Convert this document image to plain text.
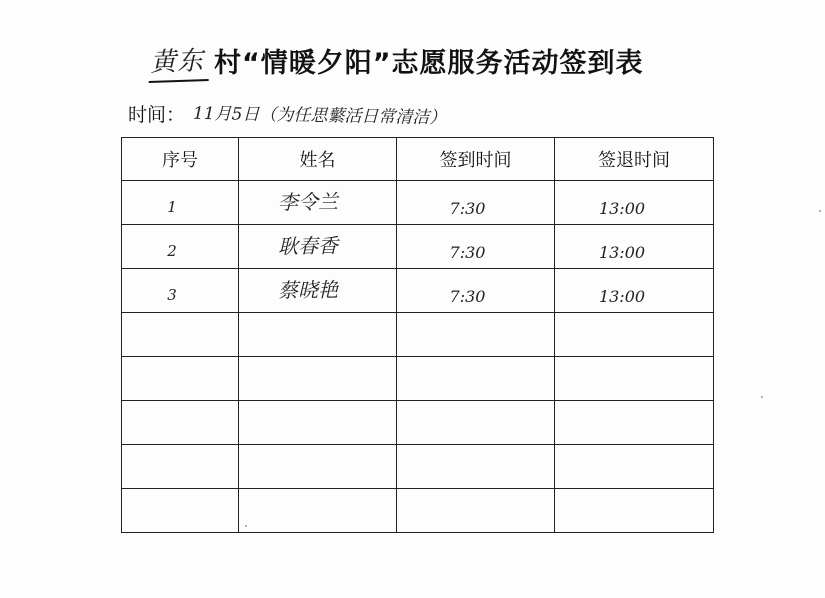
黄东 村“情暖夕阳”志愿服务活动签到表
时间： 11月5日（为任思蘩活日常清洁）
序号	姓名	签到时间	签退时间
1	李令兰	7:30	13:00
2	耿春香	7:30	13:00
3	蔡晓艳	7:30	13:00
